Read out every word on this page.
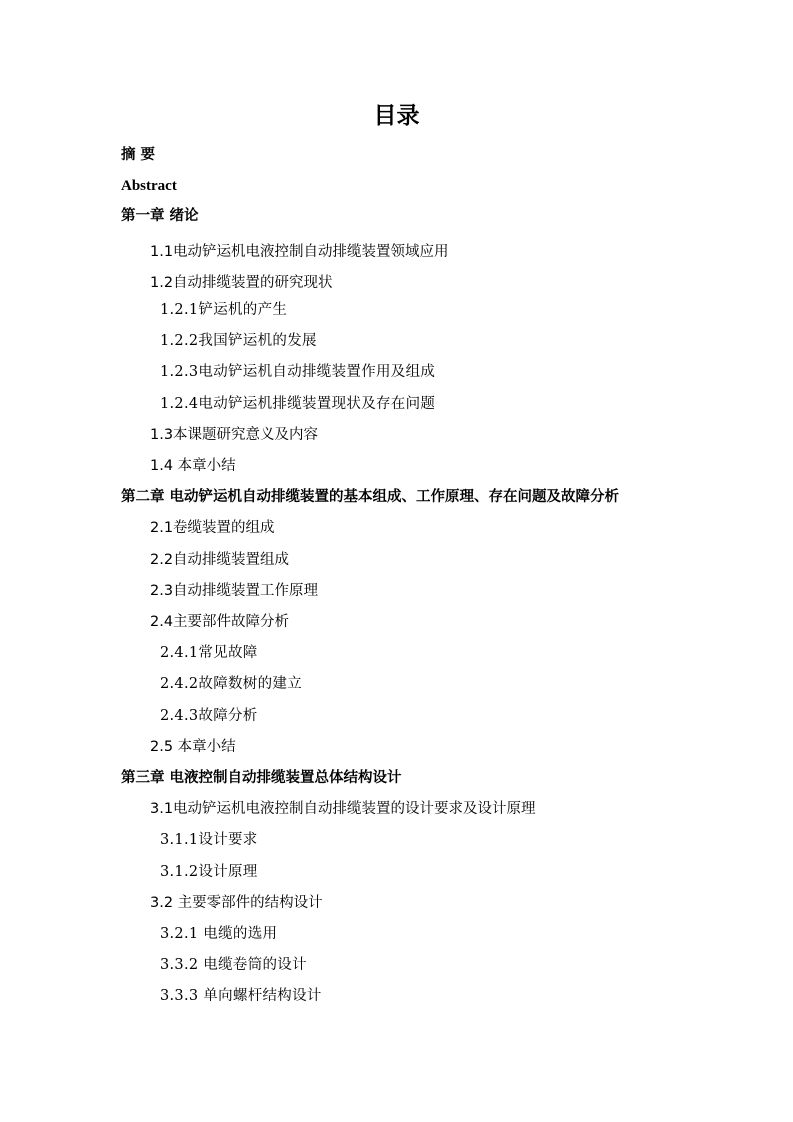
目录
摘 要
Abstract
第一章 绪论
1.1电动铲运机电液控制自动排缆装置领域应用
1.2自动排缆装置的研究现状
1.2.1铲运机的产生
1.2.2我国铲运机的发展
1.2.3电动铲运机自动排缆装置作用及组成
1.2.4电动铲运机排缆装置现状及存在问题
1.3本课题研究意义及内容
1.4 本章小结
第二章 电动铲运机自动排缆装置的基本组成、工作原理、存在问题及故障分析
2.1卷缆装置的组成
2.2自动排缆装置组成
2.3自动排缆装置工作原理
2.4主要部件故障分析
2.4.1常见故障
2.4.2故障数树的建立
2.4.3故障分析
2.5 本章小结
第三章 电液控制自动排缆装置总体结构设计
3.1电动铲运机电液控制自动排缆装置的设计要求及设计原理
3.1.1设计要求
3.1.2设计原理
3.2 主要零部件的结构设计
3.2.1 电缆的选用
3.3.2 电缆卷筒的设计
3.3.3 单向螺杆结构设计
